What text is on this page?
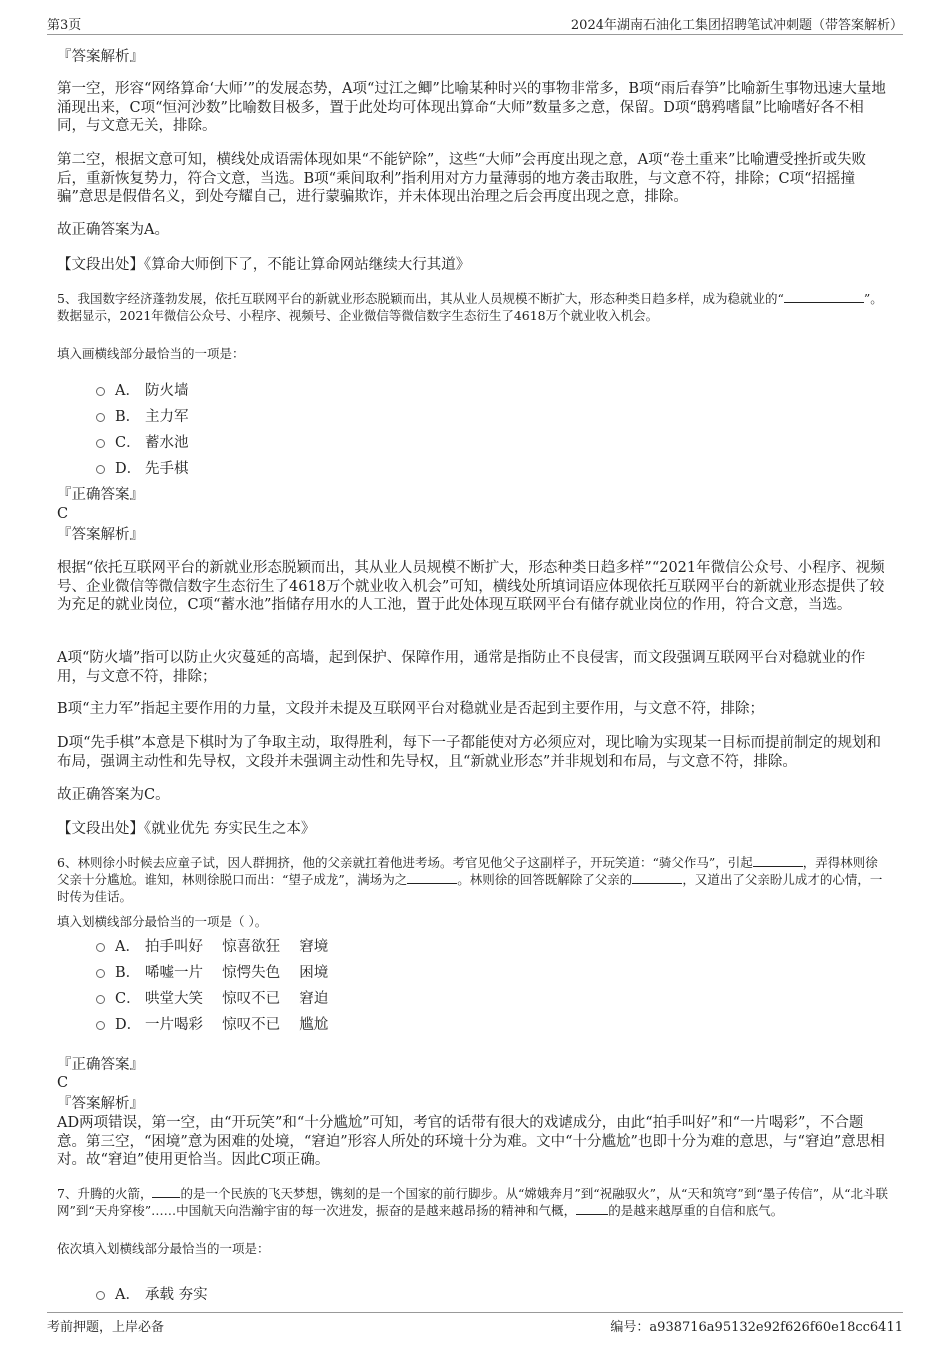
第3页	2024年湖南石油化工集团招聘笔试冲刺题（带答案解析）
『答案解析』

第一空，形容“网络算命‘大师’”的发展态势，A项“过江之鲫”比喻某种时兴的事物非常多，B项“雨后春笋”比喻新生事物迅速大量地涌现出来，C项“恒河沙数”比喻数目极多，置于此处均可体现出算命“大师”数量多之意，保留。D项“鸱鸦嗜鼠”比喻嗜好各不相同，与文意无关，排除。

第二空，根据文意可知，横线处成语需体现如果“不能铲除”，这些“大师”会再度出现之意，A项“卷土重来”比喻遭受挫折或失败后，重新恢复势力，符合文意，当选。B项“乘间取利”指利用对方力量薄弱的地方袭击取胜，与文意不符，排除；C项“招摇撞骗”意思是假借名义，到处夸耀自己，进行蒙骗欺诈，并未体现出治理之后会再度出现之意，排除。

故正确答案为A。
【文段出处】《算命大师倒下了，不能让算命网站继续大行其道》

5、我国数字经济蓬勃发展，依托互联网平台的新就业形态脱颖而出，其从业人员规模不断扩大，形态种类日趋多样，成为稳就业的“	”。数据显示，2021年微信公众号、小程序、视频号、企业微信等微信数字生态衍生了4618万个就业收入机会。

填入画横线部分最恰当的一项是：
A． 防火墙
B． 主力军
C． 蓄水池
D． 先手棋
『正确答案』
C
『答案解析』

根据“依托互联网平台的新就业形态脱颖而出，其从业人员规模不断扩大，形态种类日趋多样”“2021年微信公众号、小程序、视频号、企业微信等微信数字生态衍生了4618万个就业收入机会”可知，横线处所填词语应体现依托互联网平台的新就业形态提供了较为充足的就业岗位，C项“蓄水池”指储存用水的人工池，置于此处体现互联网平台有储存就业岗位的作用，符合文意，当选。

A项“防火墙”指可以防止火灾蔓延的高墙，起到保护、保障作用，通常是指防止不良侵害，而文段强调互联网平台对稳就业的作用，与文意不符，排除；

B项“主力军”指起主要作用的力量，文段并未提及互联网平台对稳就业是否起到主要作用，与文意不符，排除；

D项“先手棋”本意是下棋时为了争取主动，取得胜利，每下一子都能使对方必须应对，现比喻为实现某一目标而提前制定的规划和布局，强调主动性和先导权，文段并未强调主动性和先导权，且“新就业形态”并非规划和布局，与文意不符，排除。

故正确答案为C。
【文段出处】《就业优先 夯实民生之本》

6、林则徐小时候去应童子试，因人群拥挤，他的父亲就扛着他进考场。考官见他父子这副样子，开玩笑道：“骑父作马”，引起	，弄得林则徐父亲十分尴尬。谁知，林则徐脱口而出：“望子成龙”，满场为之	。林则徐的回答既解除了父亲的	，又道出了父亲盼儿成才的心情，一时传为佳话。

填入划横线部分最恰当的一项是（ ）。
A． 拍手叫好　 惊喜欲狂　 窘境
B． 唏嘘一片　 惊愕失色　 困境
C． 哄堂大笑　 惊叹不已　 窘迫
D． 一片喝彩　 惊叹不已　 尴尬
『正确答案』
C
『答案解析』

AD两项错误，第一空，由“开玩笑”和“十分尴尬”可知，考官的话带有很大的戏谑成分，由此“拍手叫好”和“一片喝彩”，不合题意。第三空，“困境”意为困难的处境，“窘迫”形容人所处的环境十分为难。文中“十分尴尬”也即十分为难的意思，与“窘迫”意思相对。故“窘迫”使用更恰当。因此C项正确。

7、升腾的火箭， 的是一个民族的飞天梦想，镌刻的是一个国家的前行脚步。从“嫦娥奔月”到“祝融驭火”，从“天和筑穹”到“墨子传信”，从“北斗联网”到“天舟穿梭”……中国航天向浩瀚宇宙的每一次进发，振奋的是越来越昂扬的精神和气概，	的是越来越厚重的自信和底气。

依次填入划横线部分最恰当的一项是：
A． 承载 夯实
考前押题，上岸必备	编号：a938716a95132e92f626f60e18cc6411
